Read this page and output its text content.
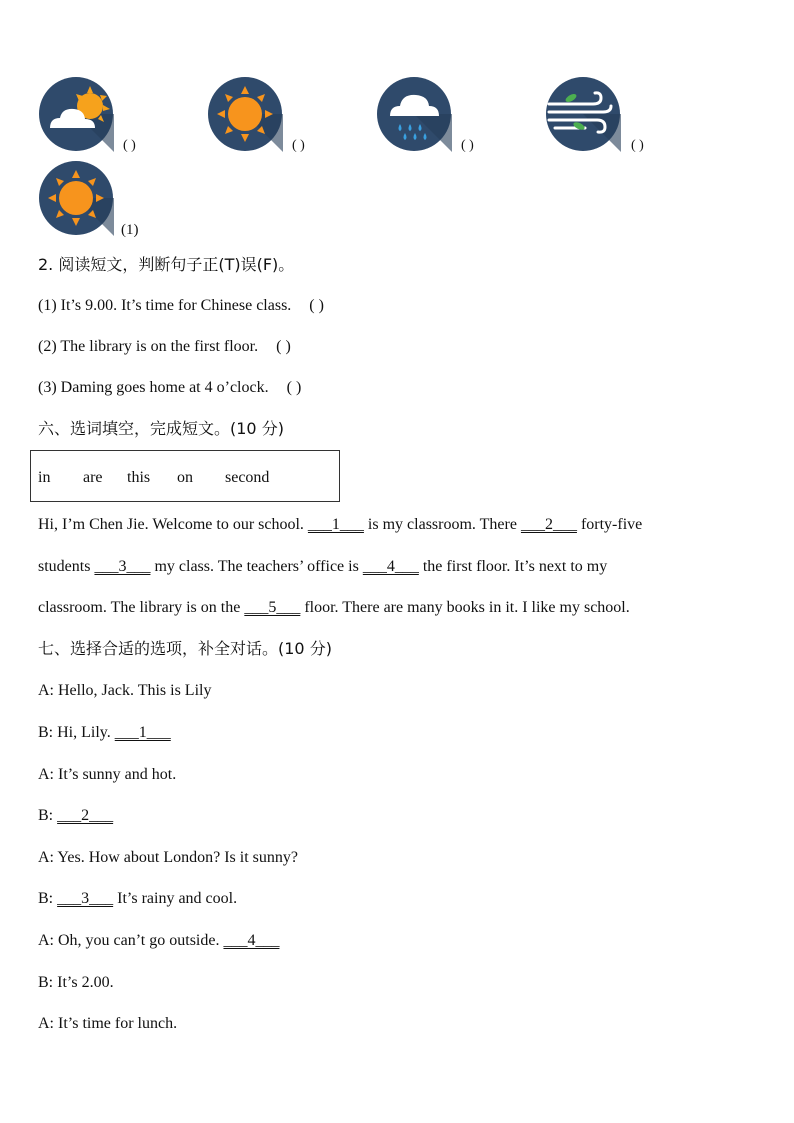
( )	( )	( )	( )
(1)
2. 阅读短文，判断句子正(T)误(F)。
(1) It’s 9.00. It’s time for Chinese class. ( )
(2) The library is on the first floor. ( )
(3) Daming goes home at 4 o’clock. ( )
六、选词填空，完成短文。(10 分)
in are this on second
Hi, I’m Chen Jie. Welcome to our school. ___1___ is my classroom. There ___2___ forty-five
students ___3___ my class. The teachers’ office is ___4___ the first floor. It’s next to my
classroom. The library is on the ___5___ floor. There are many books in it. I like my school.
七、选择合适的选项，补全对话。(10 分)
A: Hello, Jack. This is Lily
B: Hi, Lily. ___1___
A: It’s sunny and hot.
B: ___2___
A: Yes. How about London? Is it sunny?
B: ___3___ It’s rainy and cool.
A: Oh, you can’t go outside. ___4___
B: It’s 2.00.
A: It’s time for lunch.
